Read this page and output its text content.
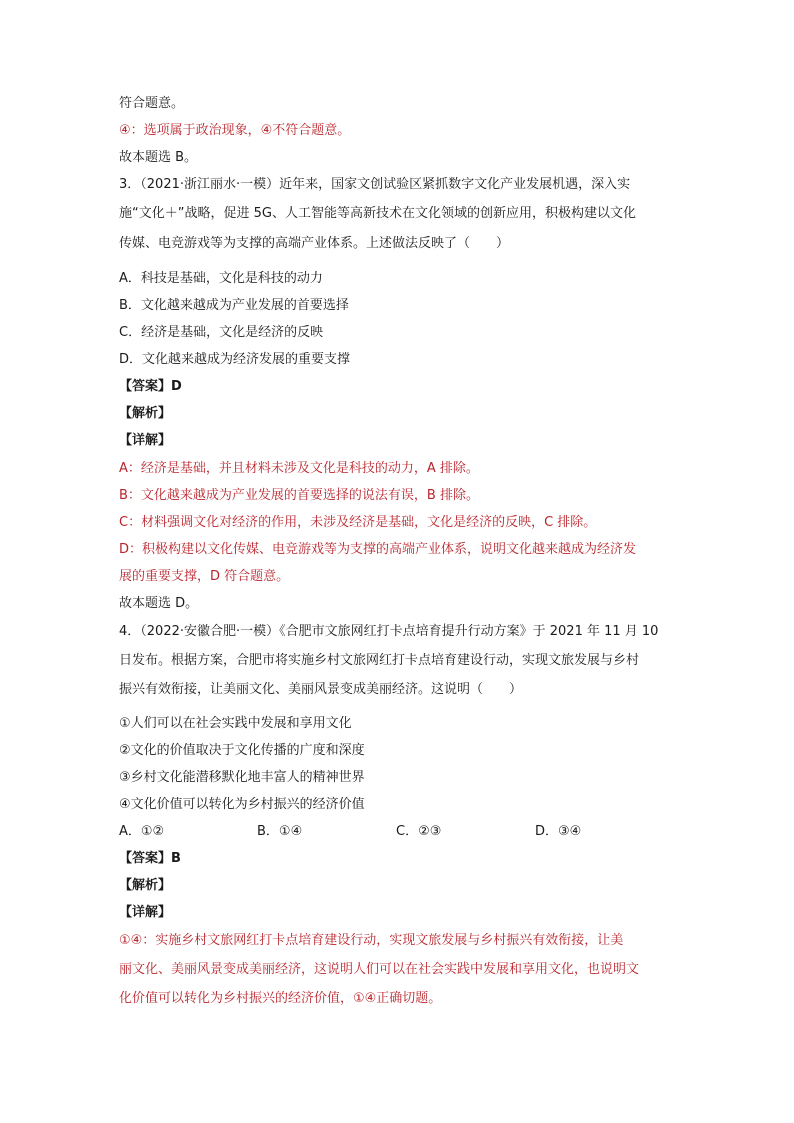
符合题意。
④：选项属于政治现象，④不符合题意。
故本题选 B。
3．（2021·浙江丽水·一模）近年来，国家文创试验区紧抓数字文化产业发展机遇，深入实
施“文化＋”战略，促进 5G、人工智能等高新技术在文化领域的创新应用，积极构建以文化
传媒、电竞游戏等为支撑的高端产业体系。上述做法反映了（　　）
A．科技是基础，文化是科技的动力
B．文化越来越成为产业发展的首要选择
C．经济是基础，文化是经济的反映
D．文化越来越成为经济发展的重要支撑
【答案】D
【解析】
【详解】
A：经济是基础，并且材料未涉及文化是科技的动力，A 排除。
B：文化越来越成为产业发展的首要选择的说法有误，B 排除。
C：材料强调文化对经济的作用，未涉及经济是基础，文化是经济的反映，C 排除。
D：积极构建以文化传媒、电竞游戏等为支撑的高端产业体系，说明文化越来越成为经济发
展的重要支撑，D 符合题意。
故本题选 D。
4．（2022·安徽合肥·一模）《合肥市文旅网红打卡点培育提升行动方案》于 2021 年 11 月 10
日发布。根据方案，合肥市将实施乡村文旅网红打卡点培育建设行动，实现文旅发展与乡村
振兴有效衔接，让美丽文化、美丽风景变成美丽经济。这说明（　　）
①人们可以在社会实践中发展和享用文化
②文化的价值取决于文化传播的广度和深度
③乡村文化能潜移默化地丰富人的精神世界
④文化价值可以转化为乡村振兴的经济价值
A．①②	B．①④	C．②③	D．③④
【答案】B
【解析】
【详解】
①④：实施乡村文旅网红打卡点培育建设行动，实现文旅发展与乡村振兴有效衔接，让美
丽文化、美丽风景变成美丽经济，这说明人们可以在社会实践中发展和享用文化，也说明文
化价值可以转化为乡村振兴的经济价值，①④正确切题。
